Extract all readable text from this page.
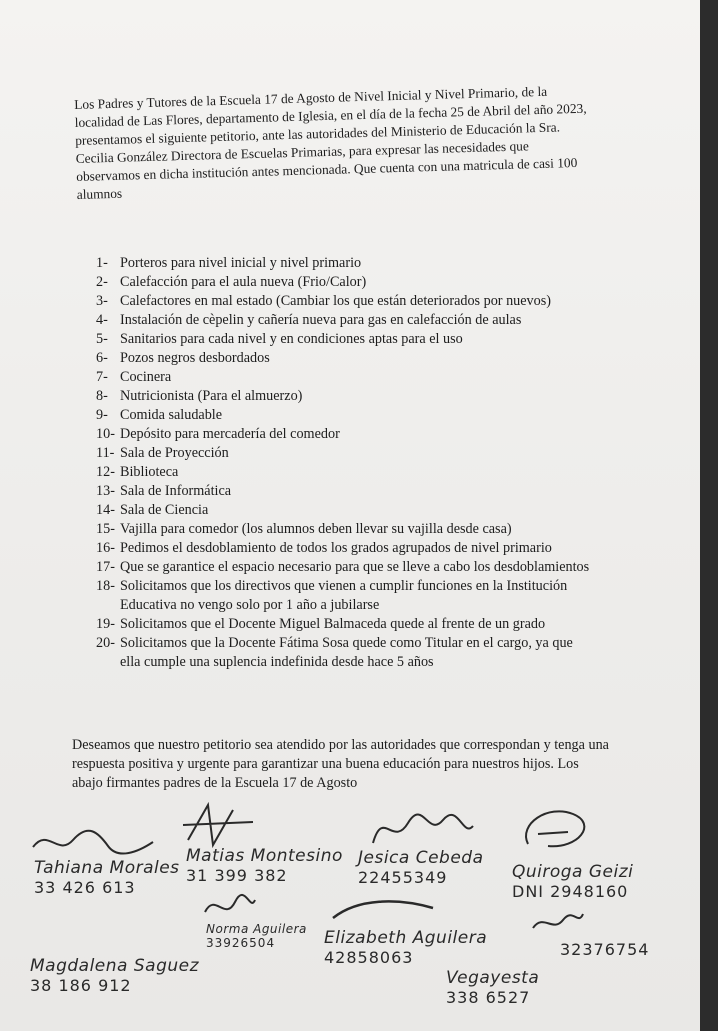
Los Padres y Tutores de la Escuela 17 de Agosto de Nivel Inicial y Nivel Primario, de la localidad de Las Flores, departamento de Iglesia, en el día de la fecha 25 de Abril del año 2023, presentamos el siguiente petitorio, ante las autoridades del Ministerio de Educación la Sra. Cecilia González Directora de Escuelas Primarias, para expresar las necesidades que observamos en dicha institución antes mencionada. Que cuenta con una matricula de casi 100 alumnos

1- Porteros para nivel inicial y nivel primario
2- Calefacción para el aula nueva (Frio/Calor)
3- Calefactores en mal estado (Cambiar los que están deteriorados por nuevos)
4- Instalación de cèpelin y cañería nueva para gas en calefacción de aulas
5- Sanitarios para cada nivel y en condiciones aptas para el uso
6- Pozos negros desbordados
7- Cocinera
8- Nutricionista (Para el almuerzo)
9- Comida saludable
10- Depósito para mercadería del comedor
11- Sala de Proyección
12- Biblioteca
13- Sala de Informática
14- Sala de Ciencia
15- Vajilla para comedor (los alumnos deben llevar su vajilla desde casa)
16- Pedimos el desdoblamiento de todos los grados agrupados de nivel primario
17- Que se garantice el espacio necesario para que se lleve a cabo los desdoblamientos
18- Solicitamos que los directivos que vienen a cumplir funciones en la Institución Educativa no vengo solo por 1 año a jubilarse
19- Solicitamos que el Docente Miguel Balmaceda quede al frente de un grado
20- Solicitamos que la Docente Fátima Sosa quede como Titular en el cargo, ya que ella cumple una suplencia indefinida desde hace 5 años

Deseamos que nuestro petitorio sea atendido por las autoridades que correspondan y tenga una respuesta positiva y urgente para garantizar una buena educación para nuestros hijos. Los abajo firmantes padres de la Escuela 17 de Agosto

Tahiana Morales
33 426 613
Matias Montesino
31 399 382
Jesica Cebeda
22455349	Quiroga Geizi
DNI 2948160
Magdalena Saguez
38 186 912
Norma Aguilera
33926504	Elizabeth Aguilera
42858063
Vegayesta
338 6527
32376754
